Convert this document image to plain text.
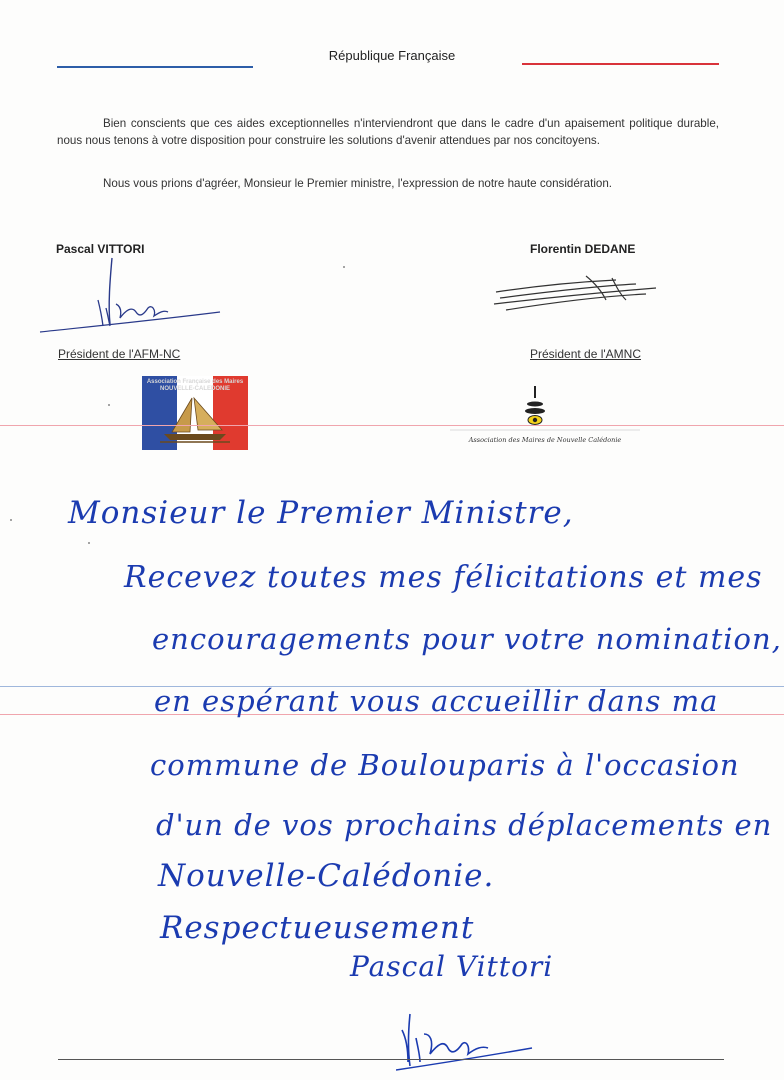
République Française
Bien conscients que ces aides exceptionnelles n'interviendront que dans le cadre d'un apaisement politique durable, nous nous tenons à votre disposition pour construire les solutions d'avenir attendues par nos concitoyens.
Nous vous prions d'agréer, Monsieur le Premier ministre, l'expression de notre haute considération.
Pascal VITTORI	Florentin DEDANE
Président de l'AFM-NC	Président de l'AMNC
Association Française des Maires NOUVELLE-CALEDONIE
Association des Maires de Nouvelle Calédonie
Monsieur le Premier Ministre,
Recevez toutes mes félicitations et mes
encouragements pour votre nomination,
en espérant vous accueillir dans ma
commune de Boulouparis à l'occasion
d'un de vos prochains déplacements en
Nouvelle-Calédonie.
Respectueusement
Pascal Vittori
